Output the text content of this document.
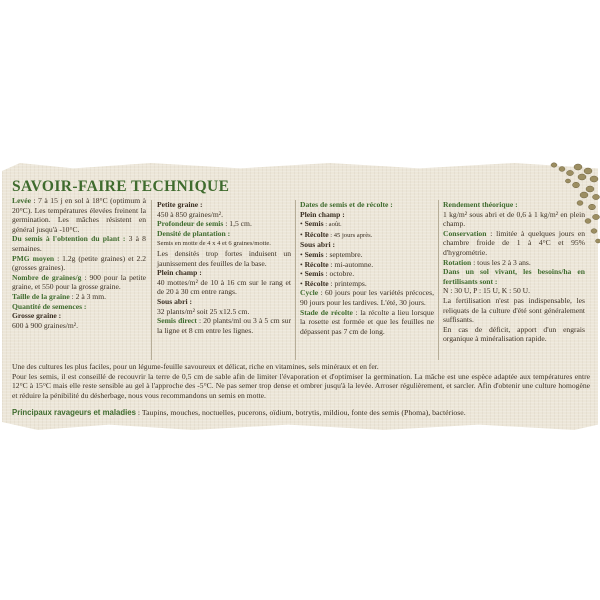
SAVOIR-FAIRE TECHNIQUE

Levée : 7 à 15 j en sol à 18°C (optimum à 20°C). Les températures élevées freinent la germination. Les mâches résistent en général jusqu'à -10°C.

Du semis à l'obtention du plant : 3 à 8 semaines.

PMG moyen : 1.2g (petite graines) et 2.2 (grosses graines).

Nombre de graines/g : 900 pour la petite graine, et 550 pour la grosse graine.

Taille de la graine : 2 à 3 mm.

Quantité de semences :

Grosse graine :

600 à 900 graines/m².

Petite graine :

450 à 850 graines/m².

Profondeur de semis : 1,5 cm.

Densité de plantation :

Semis en motte de 4 x 4 et 6 graines/motte.

Les densités trop fortes induisent un jaunissement des feuilles de la base.

Plein champ :

40 mottes/m² de 10 à 16 cm sur le rang et de 20 à 30 cm entre rangs.

Sous abri :

32 plants/m² soit 25 x12.5 cm.

Semis direct : 20 plants/ml ou 3 à 5 cm sur la ligne et 8 cm entre les lignes.

Dates de semis et de récolte :

Plein champ :

• Semis : août.

• Récolte : 45 jours après.

Sous abri :

• Semis : septembre.

• Récolte : mi-automne.

• Semis : octobre.

• Récolte : printemps.

Cycle : 60 jours pour les variétés précoces, 90 jours pour les tardives. L'été, 30 jours.

Stade de récolte : la récolte a lieu lorsque la rosette est formée et que les feuilles ne dépassent pas 7 cm de long.

Rendement théorique :

1 kg/m² sous abri et de 0,6 à 1 kg/m² en plein champ.

Conservation : limitée à quelques jours en chambre froide de 1 à 4°C et 95% d'hygrométrie.

Rotation : tous les 2 à 3 ans.

Dans un sol vivant, les besoins/ha en fertilisants sont :

N : 30 U, P : 15 U, K : 50 U.

La fertilisation n'est pas indispensable, les reliquats de la culture d'été sont généralement suffisants.

En cas de déficit, apport d'un engrais organique à minéralisation rapide.

Une des cultures les plus faciles, pour un légume-feuille savoureux et délicat, riche en vitamines, sels minéraux et en fer.
Pour les semis, il est conseillé de recouvrir la terre de 0,5 cm de sable afin de limiter l'évaporation et d'optimiser la germination. La mâche est une espèce adaptée aux températures entre 12°C à 15°C mais elle reste sensible au gel à l'approche des -5°C. Ne pas semer trop dense et ombrer jusqu'à la levée. Arroser régulièrement, et sarcler. Afin d'obtenir une culture homogène et réduire la pénibilité du désherbage, nous vous recommandons un semis en motte.
Principaux ravageurs et maladies : Taupins, mouches, noctuelles, pucerons, oïdium, botrytis, mildiou, fonte des semis (Phoma), bactériose.
